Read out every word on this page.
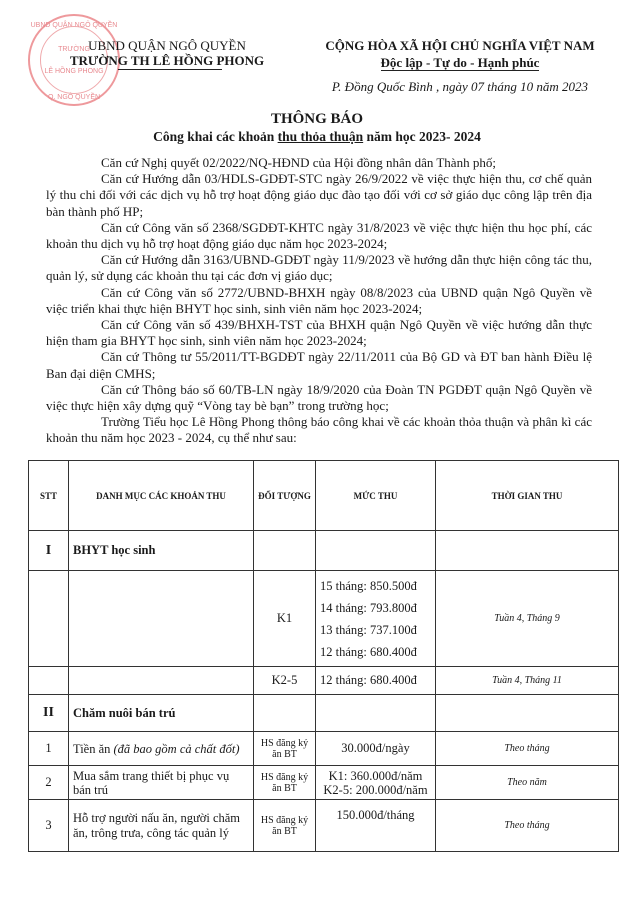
UBND QUẬN NGÔ QUYỀN
TRƯỜNG
LÊ HỒNG PHONG
Q. NGÔ QUYỀN
UBND QUẬN NGÔ QUYỀN
TRƯỜNG TH LÊ HỒNG PHONG
CỘNG HÒA XÃ HỘI CHỦ NGHĨA VIỆT NAM
Độc lập - Tự do - Hạnh phúc
P. Đồng Quốc Bình , ngày 07 tháng 10 năm 2023
THÔNG BÁO
Công khai các khoản thu thỏa thuận năm học 2023- 2024

Căn cứ Nghị quyết 02/2022/NQ-HĐND của Hội đồng nhân dân Thành phố;

Căn cứ Hướng dẫn 03/HDLS-GDĐT-STC ngày 26/9/2022 về việc thực hiện thu, cơ chế quản lý thu chi đối với các dịch vụ hỗ trợ hoạt động giáo dục đào tạo đối với cơ sở giáo dục công lập trên địa bàn thành phố HP;

Căn cứ Công văn số 2368/SGDĐT-KHTC ngày 31/8/2023 về việc thực hiện thu học phí, các khoản thu dịch vụ hỗ trợ hoạt động giáo dục năm học 2023-2024;

Căn cứ Hướng dẫn 3163/UBND-GDĐT ngày 11/9/2023 về hướng dẫn thực hiện công tác thu, quản lý, sử dụng các khoản thu tại các đơn vị giáo dục;

Căn cứ Công văn số 2772/UBND-BHXH ngày 08/8/2023 của UBND quận Ngô Quyền về việc triển khai thực hiện BHYT học sinh, sinh viên năm học 2023-2024;

Căn cứ Công văn số 439/BHXH-TST của BHXH quận Ngô Quyền về việc hướng dẫn thực hiện tham gia BHYT học sinh, sinh viên năm học 2023-2024;

Căn cứ Thông tư 55/2011/TT-BGDĐT ngày 22/11/2011 của Bộ GD và ĐT ban hành Điều lệ Ban đại diện CMHS;

Căn cứ Thông báo số 60/TB-LN ngày 18/9/2020 của Đoàn TN PGDĐT quận Ngô Quyền về việc thực hiện xây dựng quỹ “Vòng tay bè bạn” trong trường học;

Trường Tiểu học Lê Hồng Phong thông báo công khai về các khoản thỏa thuận và phân kì các khoản thu năm học 2023 - 2024, cụ thể như sau:

STT	DANH MỤC CÁC KHOẢN THU	ĐỐI TƯỢNG	MỨC THU	THỜI GIAN THU
I	BHYT học sinh			
		K1	15 tháng: 850.500đ
14 tháng: 793.800đ
13 tháng: 737.100đ
12 tháng: 680.400đ	Tuần 4, Tháng 9
		K2-5	12 tháng: 680.400đ	Tuần 4, Tháng 11
II	Chăm nuôi bán trú			
1	Tiền ăn (đã bao gồm cả chất đốt)	HS đăng ký ăn BT	30.000đ/ngày	Theo tháng
2	Mua sắm trang thiết bị phục vụ bán trú	HS đăng ký ăn BT	K1: 360.000đ/năm
K2-5: 200.000đ/năm	Theo năm
3	Hỗ trợ người nấu ăn, người chăm ăn, trông trưa, công tác quản lý	HS đăng ký ăn BT	150.000đ/tháng	Theo tháng
